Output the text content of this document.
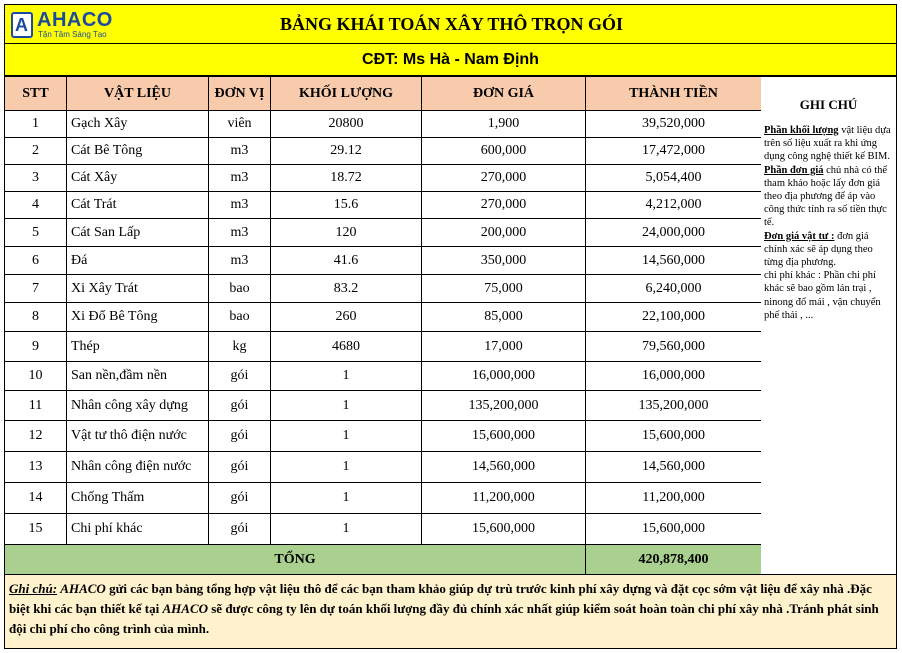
BẢNG KHÁI TOÁN XÂY THÔ TRỌN GÓI
A AHACO
Tận Tâm Sáng Tạo
CĐT: Ms Hà - Nam Định
STT	VẬT LIỆU	ĐƠN VỊ	KHỐI LƯỢNG	ĐƠN GIÁ	THÀNH TIỀN
1	Gạch Xây	viên	20800	1,900	39,520,000
2	Cát Bê Tông	m3	29.12	600,000	17,472,000
3	Cát Xây	m3	18.72	270,000	5,054,400
4	Cát Trát	m3	15.6	270,000	4,212,000
5	Cát San Lấp	m3	120	200,000	24,000,000
6	Đá	m3	41.6	350,000	14,560,000
7	Xi Xây Trát	bao	83.2	75,000	6,240,000
8	Xi Đổ Bê Tông	bao	260	85,000	22,100,000
9	Thép	kg	4680	17,000	79,560,000
10	San nền,đầm nền	gói	1	16,000,000	16,000,000
11	Nhân công xây dựng	gói	1	135,200,000	135,200,000
12	Vật tư thô điện nước	gói	1	15,600,000	15,600,000
13	Nhân công điện nước	gói	1	14,560,000	14,560,000
14	Chống Thấm	gói	1	11,200,000	11,200,000
15	Chi phí khác	gói	1	15,600,000	15,600,000
TỔNG					420,878,400
GHI CHÚ
Phần khối lượng vật liệu dựa trên số liệu xuất ra khi ứng dụng công nghệ thiết kế BIM.
Phần đơn giá chủ nhà có thể tham khảo hoặc lấy đơn giá theo địa phương để áp vào công thức tính ra số tiền thực tế.
Đơn giá vật tư : đơn giá chính xác sẽ áp dụng theo từng địa phương.
chi phí khác : Phần chi phí khác sẽ bao gồm lán trại , ninong đổ mái , vận chuyển phế thải , ...
Ghi chú: AHACO gửi các bạn bảng tổng hợp vật liệu thô để các bạn tham khảo giúp dự trù trước kinh phí xây dựng và đặt cọc sớm vật liệu để xây nhà .Đặc biệt khi các bạn thiết kế tại AHACO sẽ được công ty lên dự toán khối lượng đầy đủ chính xác nhất giúp kiểm soát hoàn toàn chi phí xây nhà .Tránh phát sinh đội chi phí cho công trình của mình.
